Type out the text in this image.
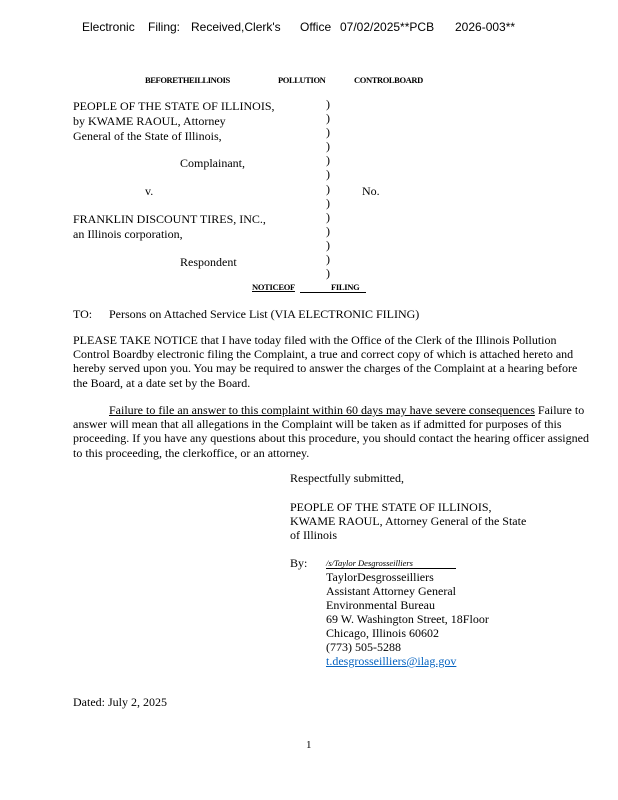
Electronic Filing: Received,Clerk's Office 07/02/2025**PCB 2026-003**
BEFORETHEILLINOIS	POLLUTION	CONTROLBOARD
PEOPLE OF THE STATE OF ILLINOIS,
by KWAME RAOUL, Attorney
General of the State of Illinois,
Complainant,
v.	No.
FRANKLIN DISCOUNT TIRES, INC.,
an Illinois corporation,
Respondent
)
)
)
)
)
)
)
)
)
)
)
)
)
NOTICEOF	FILING
TO: Persons on Attached Service List (VIA ELECTRONIC FILING)
PLEASE TAKE NOTICE that I have today filed with the Office of the Clerk of the Illinois Pollution Control Boardby electronic filing the Complaint, a true and correct copy of which is attached hereto and hereby served upon you. You may be required to answer the charges of the Complaint at a hearing before the Board, at a date set by the Board.
Failure to file an answer to this complaint within 60 days may have severe consequences Failure to answer will mean that all allegations in the Complaint will be taken as if admitted for purposes of this proceeding. If you have any questions about this procedure, you should contact the hearing officer assigned to this proceeding, the clerkoffice, or an attorney.
Respectfully submitted,
PEOPLE OF THE STATE OF ILLINOIS,
KWAME RAOUL, Attorney General of the State
of Illinois
By: /s/Taylor Desgrosseilliers
TaylorDesgrosseilliers
Assistant Attorney General
Environmental Bureau
69 W. Washington Street, 18Floor
Chicago, Illinois 60602
(773) 505-5288
t.desgrosseilliers@ilag.gov
Dated: July 2, 2025
1
